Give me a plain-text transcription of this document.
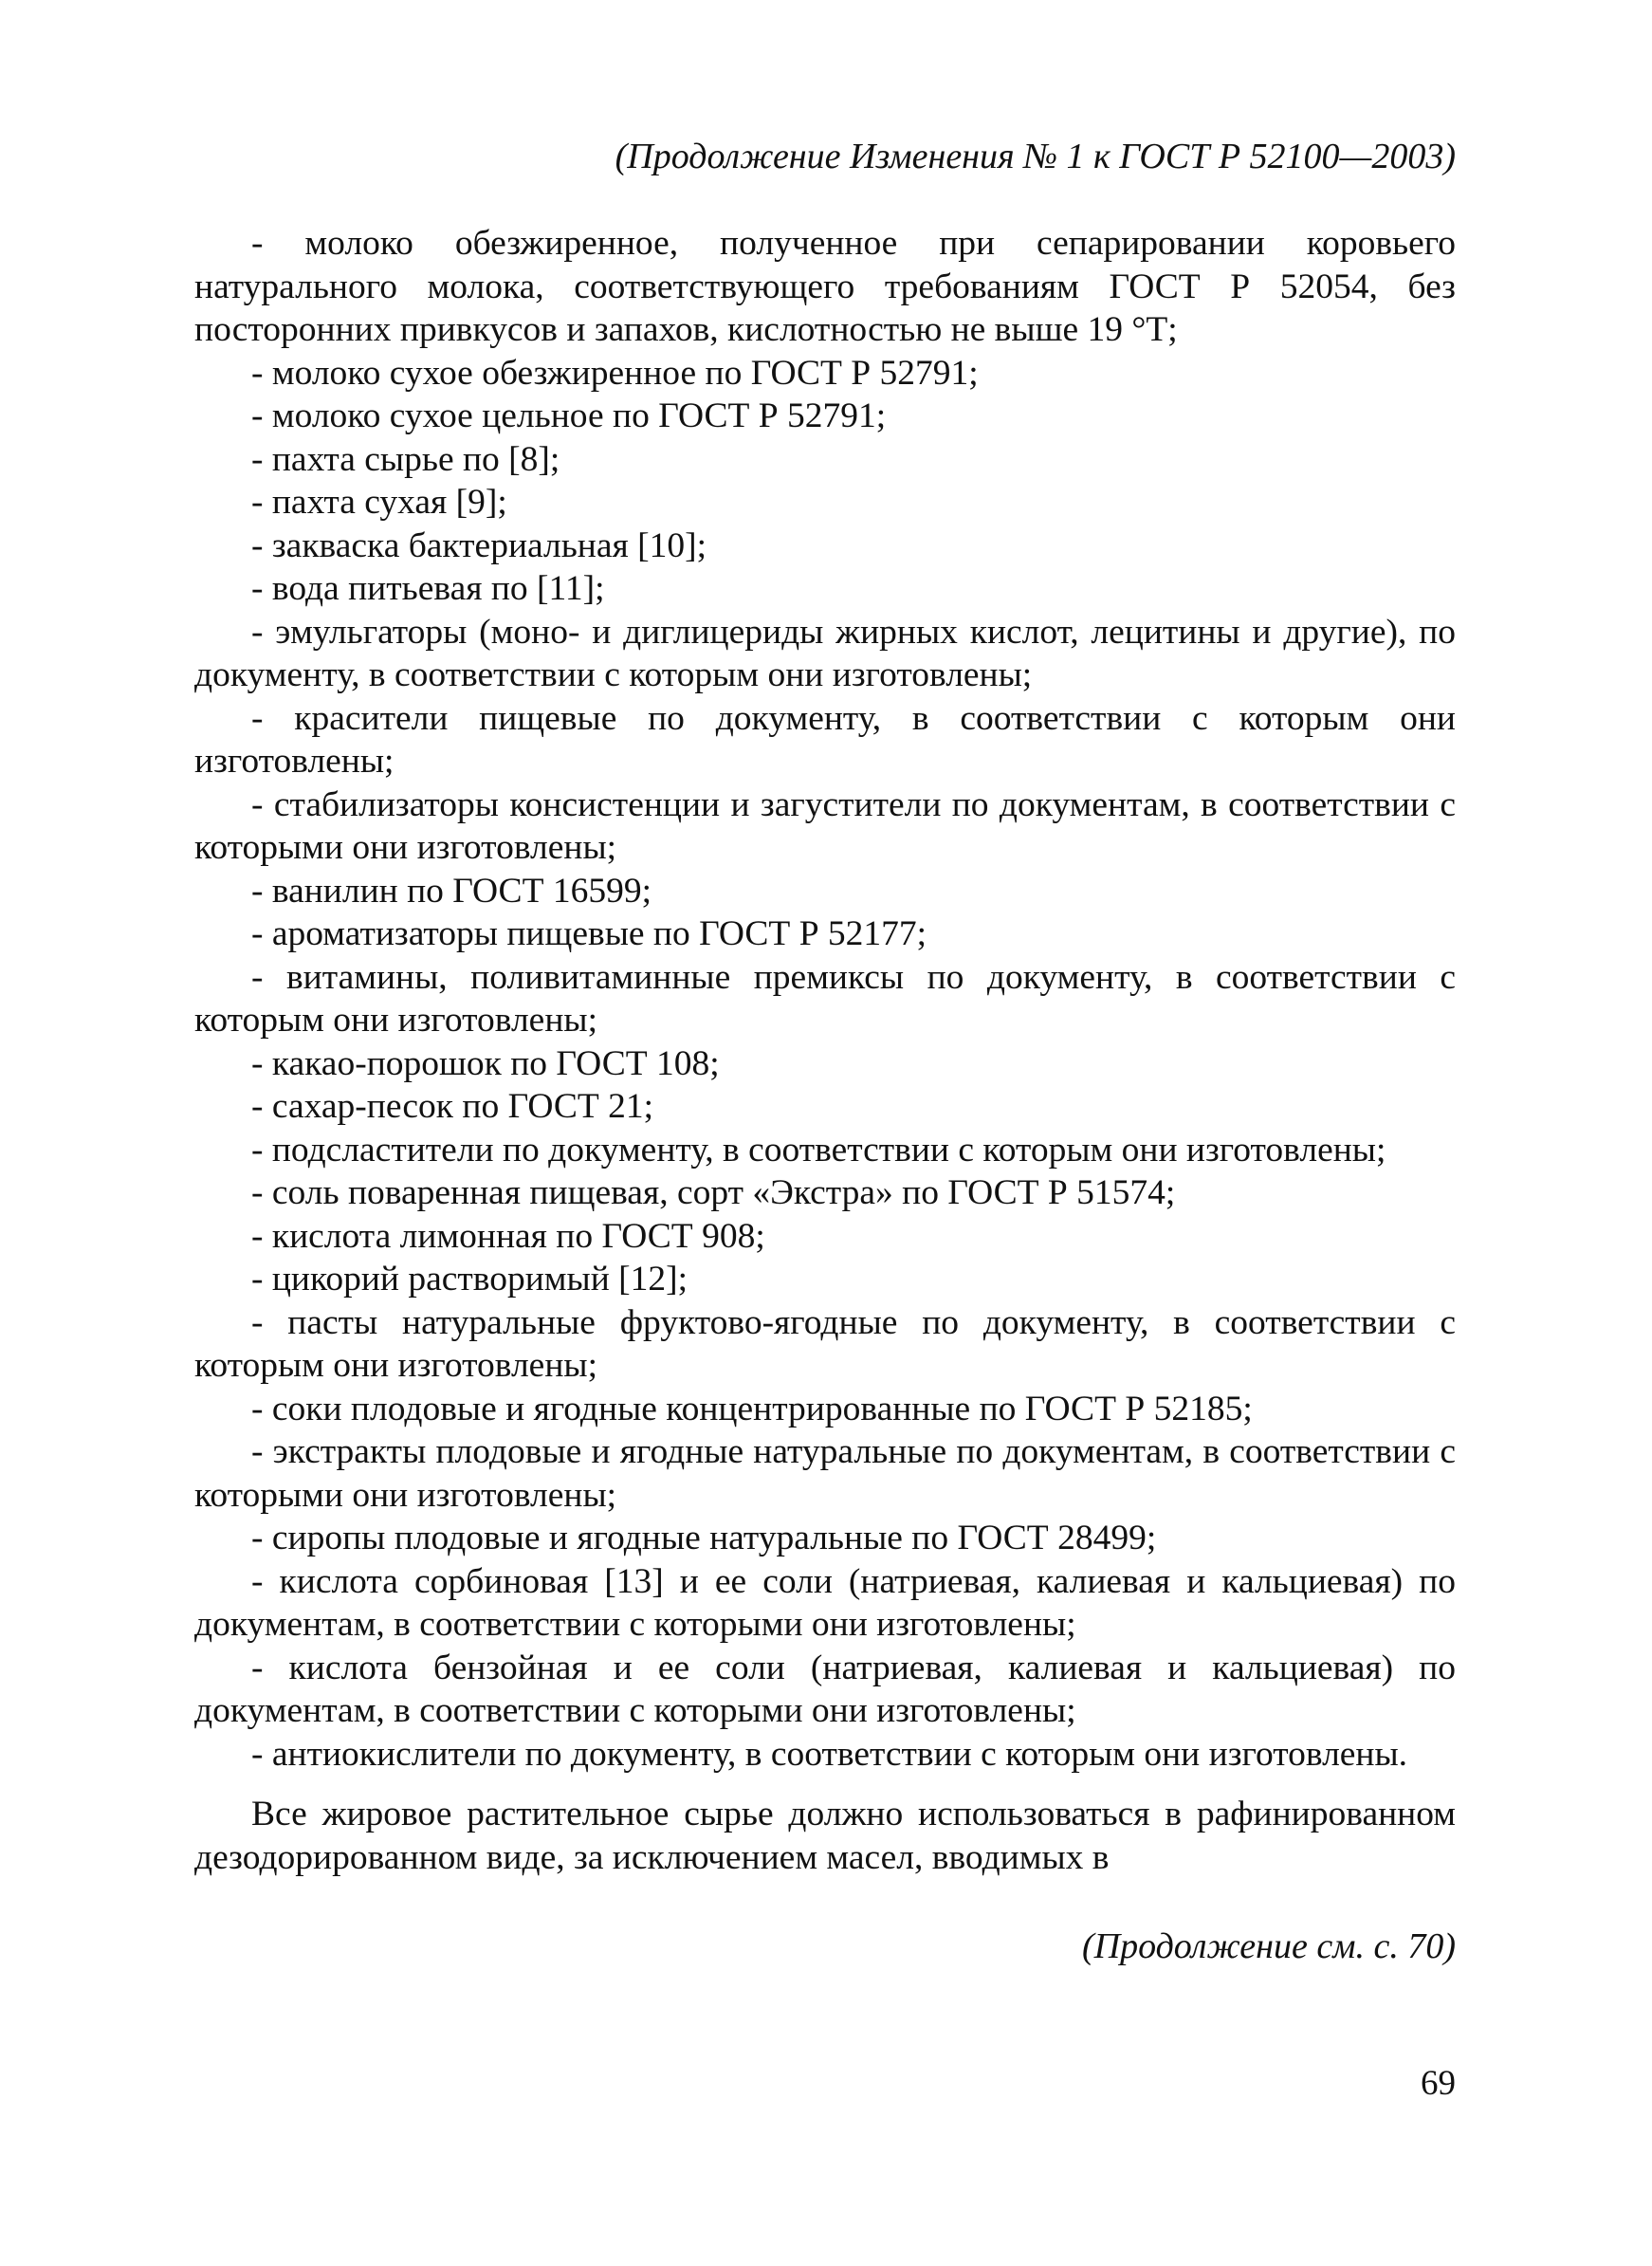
(Продолжение Изменения № 1 к ГОСТ Р 52100—2003)

- молоко обезжиренное, полученное при сепарировании коровьего натурального молока, соответствующего требованиям ГОСТ Р 52054, без посторонних привкусов и запахов, кислотностью не выше 19 °Т;

- молоко сухое обезжиренное по ГОСТ Р 52791;

- молоко сухое цельное по ГОСТ Р 52791;

- пахта сырье по [8];

- пахта сухая [9];

- закваска бактериальная [10];

- вода питьевая по [11];

- эмульгаторы (моно- и диглицериды жирных кислот, лецитины и другие), по документу, в соответствии с которым они изготовлены;

- красители пищевые по документу, в соответствии с которым они изготовлены;

- стабилизаторы консистенции и загустители по документам, в соответствии с которыми они изготовлены;

- ванилин по ГОСТ 16599;

- ароматизаторы пищевые по ГОСТ Р 52177;

- витамины, поливитаминные премиксы по документу, в соответствии с которым они изготовлены;

- какао-порошок по ГОСТ 108;

- сахар-песок по ГОСТ 21;

- подсластители по документу, в соответствии с которым они изготовлены;

- соль поваренная пищевая, сорт «Экстра» по ГОСТ Р 51574;

- кислота лимонная по ГОСТ 908;

- цикорий растворимый [12];

- пасты натуральные фруктово-ягодные по документу, в соответствии с которым они изготовлены;

- соки плодовые и ягодные концентрированные по ГОСТ Р 52185;

- экстракты плодовые и ягодные натуральные по документам, в соответствии с которыми они изготовлены;

- сиропы плодовые и ягодные натуральные по ГОСТ 28499;

- кислота сорбиновая [13] и ее соли (натриевая, калиевая и кальциевая) по документам, в соответствии с которыми они изготовлены;

- кислота бензойная и ее соли (натриевая, калиевая и кальциевая) по документам, в соответствии с которыми они изготовлены;

- антиокислители по документу, в соответствии с которым они изготовлены.

Все жировое растительное сырье должно использоваться в рафинированном дезодорированном виде, за исключением масел, вводимых в

(Продолжение см. с. 70)
69
